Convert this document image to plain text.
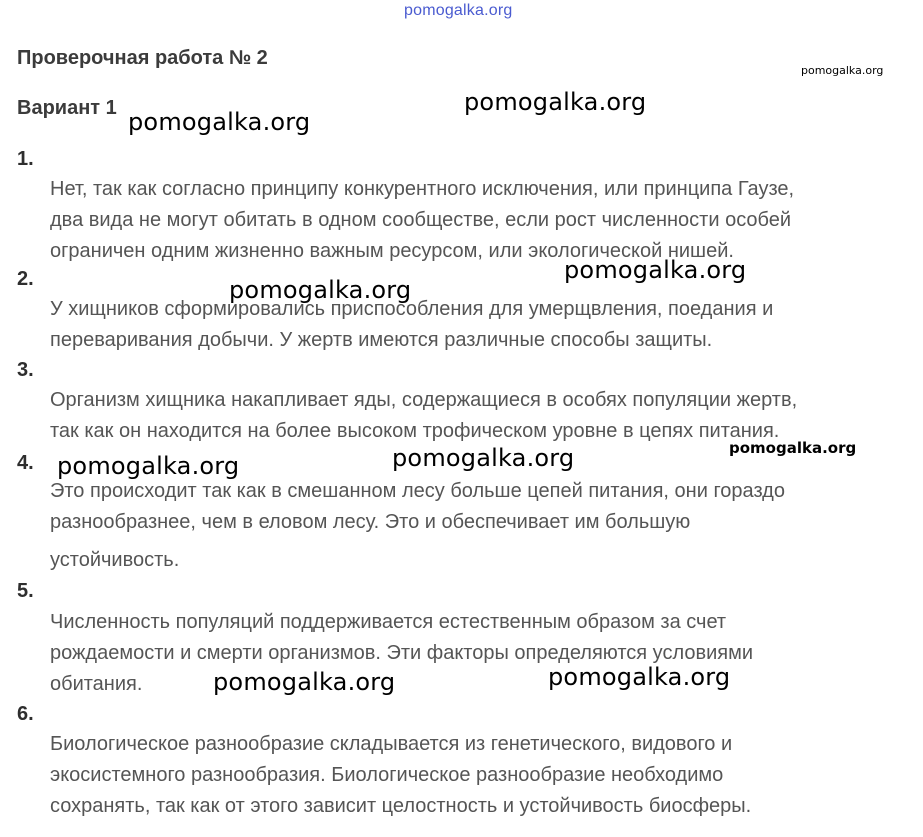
pomogalka.org
Проверочная работа № 2
Вариант 1
1.
Нет, так как согласно принципу конкурентного исключения, или принципа Гаузе,
два вида не могут обитать в одном сообществе, если рост численности особей
ограничен одним жизненно важным ресурсом, или экологической нишей.
2.
У хищников сформировались приспособления для умерщвления, поедания и
переваривания добычи. У жертв имеются различные способы защиты.
3.
Организм хищника накапливает яды, содержащиеся в особях популяции жертв,
так как он находится на более высоком трофическом уровне в цепях питания.
4.
Это происходит так как в смешанном лесу больше цепей питания, они гораздо
разнообразнее, чем в еловом лесу. Это и обеспечивает им большую
устойчивость.
5.
Численность популяций поддерживается естественным образом за счет
рождаемости и смерти организмов. Эти факторы определяются условиями
обитания.
6.
Биологическое разнообразие складывается из генетического, видового и
экосистемного разнообразия. Биологическое разнообразие необходимо
сохранять, так как от этого зависит целостность и устойчивость биосферы.
pomogalka.org
pomogalka.org
pomogalka.org
pomogalka.org
pomogalka.org
pomogalka.org
pomogalka.org
pomogalka.org
pomogalka.org
pomogalka.org
